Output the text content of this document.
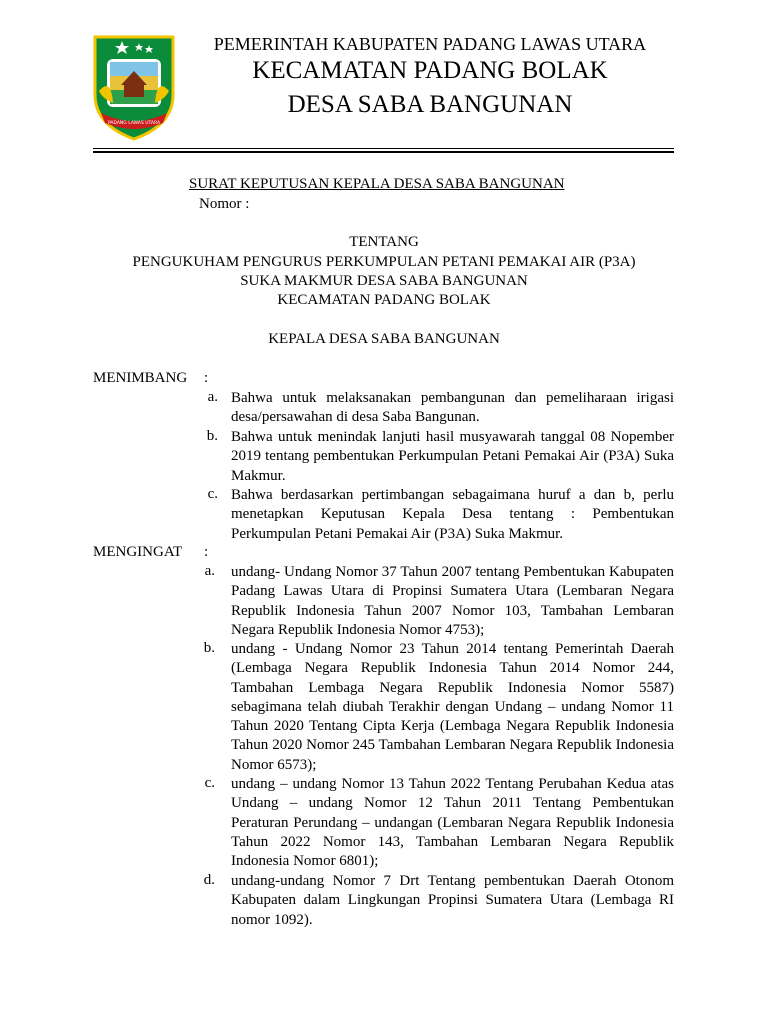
PADANG LAWAS UTARA
PEMERINTAH KABUPATEN PADANG LAWAS UTARA
KECAMATAN PADANG BOLAK
DESA SABA BANGUNAN
SURAT KEPUTUSAN KEPALA DESA SABA BANGUNAN
Nomor :
TENTANG
PENGUKUHAM PENGURUS PERKUMPULAN PETANI PEMAKAI AIR (P3A)
SUKA MAKMUR DESA SABA BANGUNAN
KECAMATAN PADANG BOLAK
KEPALA DESA SABA BANGUNAN
MENIMBANG :
a. Bahwa untuk melaksanakan pembangunan dan pemeliharaan irigasi desa/persawahan di desa Saba Bangunan.
b. Bahwa untuk menindak lanjuti hasil musyawarah tanggal 08 Nopember 2019 tentang pembentukan Perkumpulan Petani Pemakai Air (P3A) Suka Makmur.
c. Bahwa berdasarkan pertimbangan sebagaimana huruf a dan b, perlu menetapkan Keputusan Kepala Desa tentang : Pembentukan Perkumpulan Petani Pemakai Air (P3A) Suka Makmur.
MENGINGAT :
a. undang- Undang Nomor 37 Tahun 2007 tentang Pembentukan Kabupaten Padang Lawas Utara di Propinsi Sumatera Utara (Lembaran Negara Republik Indonesia Tahun 2007 Nomor 103, Tambahan Lembaran Negara Republik Indonesia Nomor 4753);
b. undang - Undang Nomor 23 Tahun 2014 tentang Pemerintah Daerah (Lembaga Negara Republik Indonesia Tahun 2014 Nomor 244, Tambahan Lembaga Negara Republik Indonesia Nomor 5587) sebagimana telah diubah Terakhir dengan Undang – undang Nomor 11 Tahun 2020 Tentang Cipta Kerja (Lembaga Negara Republik Indonesia Tahun 2020 Nomor 245 Tambahan Lembaran Negara Republik Indonesia Nomor 6573);
c. undang – undang Nomor 13 Tahun 2022 Tentang Perubahan Kedua atas Undang – undang Nomor 12 Tahun 2011 Tentang Pembentukan Peraturan Perundang – undangan (Lembaran Negara Republik Indonesia Tahun 2022 Nomor 143, Tambahan Lembaran Negara Republik Indonesia Nomor 6801);
d. undang-undang Nomor 7 Drt Tentang pembentukan Daerah Otonom Kabupaten dalam Lingkungan Propinsi Sumatera Utara (Lembaga RI nomor 1092).
